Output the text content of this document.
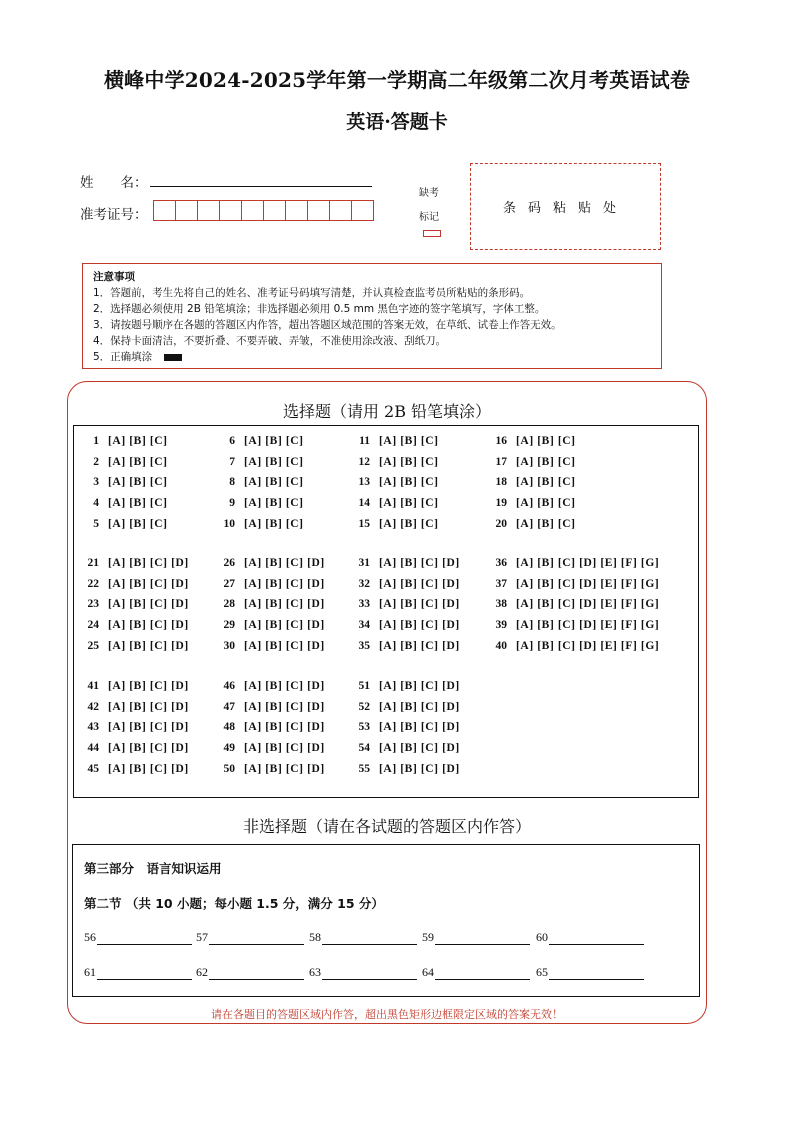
横峰中学2024-2025学年第一学期高二年级第二次月考英语试卷
英语·答题卡
姓　　名：
准考证号：
缺考
标记
条码粘贴处
注意事项
1．答题前，考生先将自己的姓名、准考证号码填写清楚，并认真检查监考员所粘贴的条形码。
2．选择题必须使用 2B 铅笔填涂；非选择题必须用 0.5 mm 黑色字迹的签字笔填写，字体工整。
3．请按题号顺序在各题的答题区内作答，超出答题区域范围的答案无效，在草纸、试卷上作答无效。
4．保持卡面清洁，不要折叠、不要弄破、弄皱，不准使用涂改液、刮纸刀。
5．正确填涂
选择题（请用 2B 铅笔填涂）
1 [A] [B] [C]
2 [A] [B] [C]
3 [A] [B] [C]
4 [A] [B] [C]
5 [A] [B] [C]
6 [A] [B] [C]
7 [A] [B] [C]
8 [A] [B] [C]
9 [A] [B] [C]
10 [A] [B] [C]
11 [A] [B] [C]
12 [A] [B] [C]
13 [A] [B] [C]
14 [A] [B] [C]
15 [A] [B] [C]
16 [A] [B] [C]
17 [A] [B] [C]
18 [A] [B] [C]
19 [A] [B] [C]
20 [A] [B] [C]
21 [A] [B] [C] [D]
22 [A] [B] [C] [D]
23 [A] [B] [C] [D]
24 [A] [B] [C] [D]
25 [A] [B] [C] [D]
26 [A] [B] [C] [D]
27 [A] [B] [C] [D]
28 [A] [B] [C] [D]
29 [A] [B] [C] [D]
30 [A] [B] [C] [D]
31 [A] [B] [C] [D]
32 [A] [B] [C] [D]
33 [A] [B] [C] [D]
34 [A] [B] [C] [D]
35 [A] [B] [C] [D]
36 [A] [B] [C] [D] [E] [F] [G]
37 [A] [B] [C] [D] [E] [F] [G]
38 [A] [B] [C] [D] [E] [F] [G]
39 [A] [B] [C] [D] [E] [F] [G]
40 [A] [B] [C] [D] [E] [F] [G]
41 [A] [B] [C] [D]
42 [A] [B] [C] [D]
43 [A] [B] [C] [D]
44 [A] [B] [C] [D]
45 [A] [B] [C] [D]
46 [A] [B] [C] [D]
47 [A] [B] [C] [D]
48 [A] [B] [C] [D]
49 [A] [B] [C] [D]
50 [A] [B] [C] [D]
51 [A] [B] [C] [D]
52 [A] [B] [C] [D]
53 [A] [B] [C] [D]
54 [A] [B] [C] [D]
55 [A] [B] [C] [D]
非选择题（请在各试题的答题区内作答）
第三部分　语言知识运用
第二节 （共 10 小题；每小题 1.5 分，满分 15 分）
56	57	58	59	60
61	62	63	64	65
请在各题目的答题区域内作答，超出黑色矩形边框限定区域的答案无效！
